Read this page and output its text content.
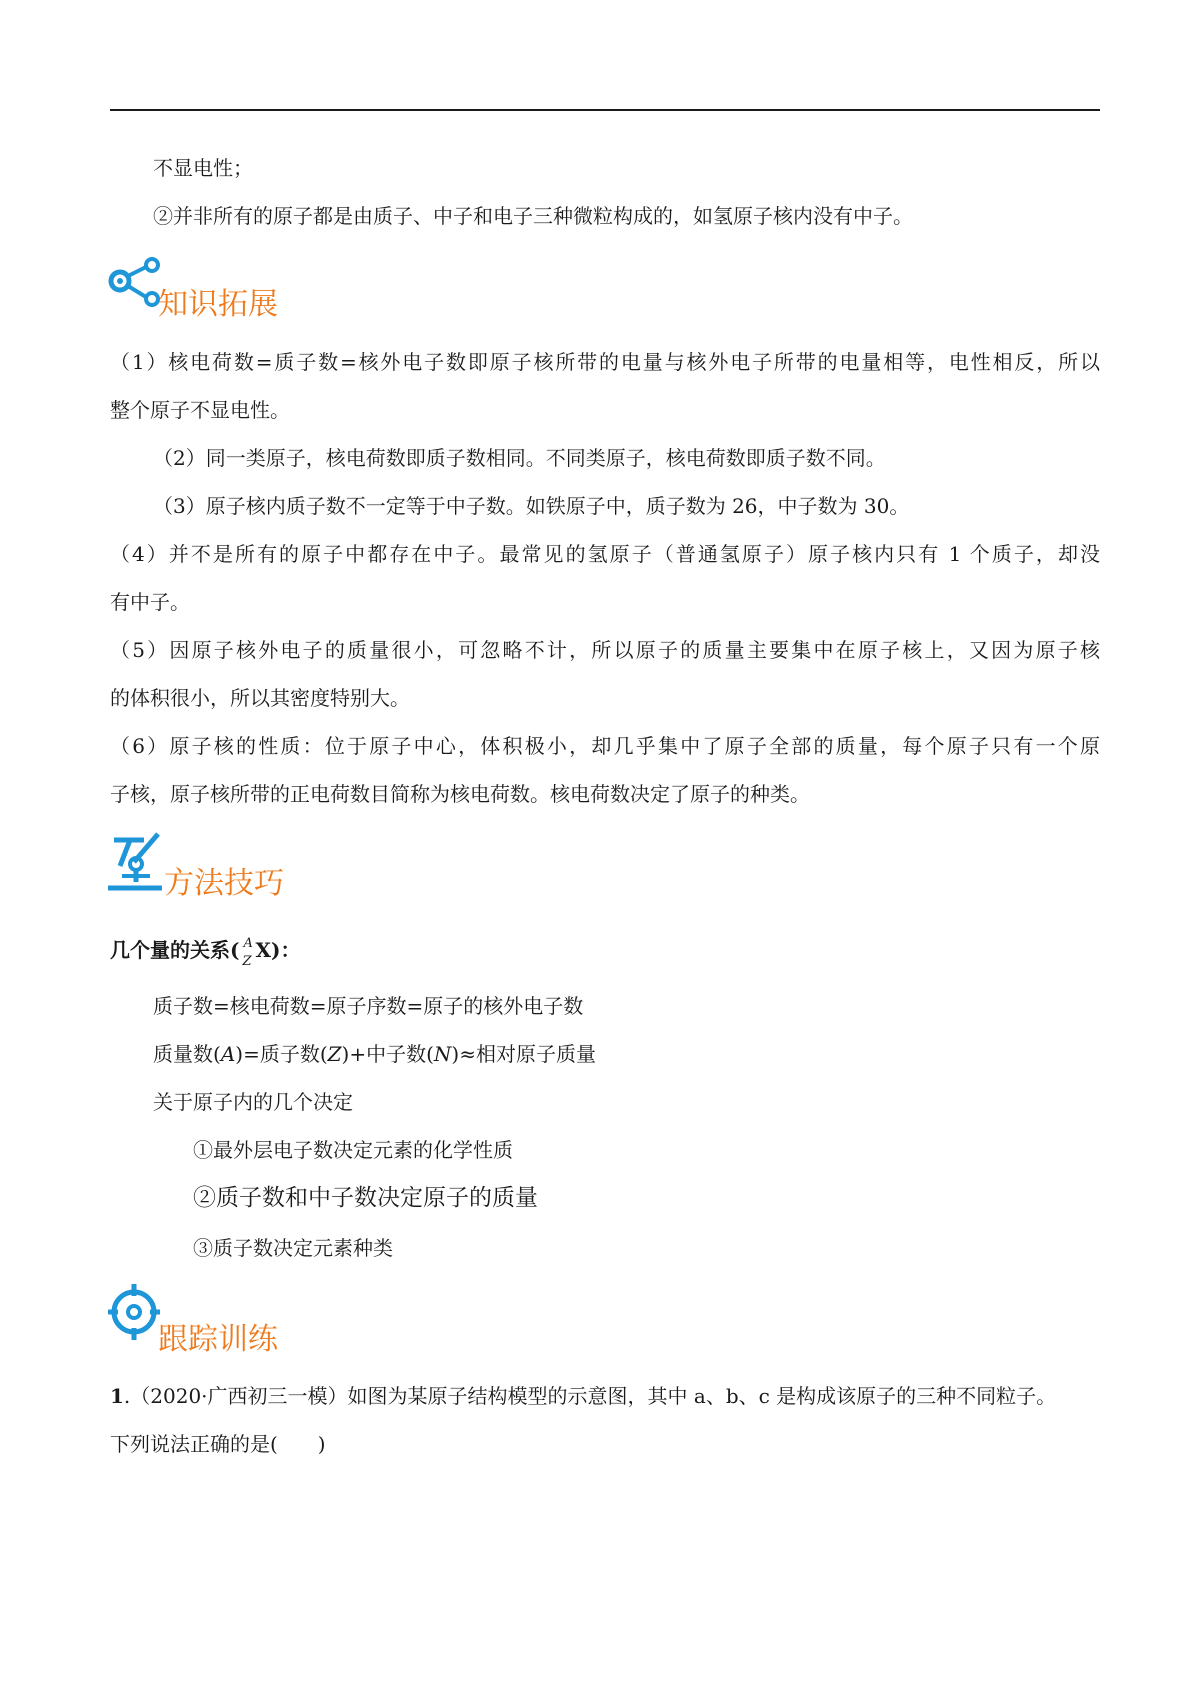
不显电性；
②并非所有的原子都是由质子、中子和电子三种微粒构成的，如氢原子核内没有中子。
知识拓展
（1）核电荷数=质子数=核外电子数即原子核所带的电量与核外电子所带的电量相等，电性相反，所以
整个原子不显电性。
（2）同一类原子，核电荷数即质子数相同。不同类原子，核电荷数即质子数不同。
（3）原子核内质子数不一定等于中子数。如铁原子中，质子数为 26，中子数为 30。
（4）并不是所有的原子中都存在中子。最常见的氢原子（普通氢原子）原子核内只有 1 个质子，却没
有中子。
（5）因原子核外电子的质量很小，可忽略不计，所以原子的质量主要集中在原子核上，又因为原子核
的体积很小，所以其密度特别大。
（6）原子核的性质：位于原子中心，体积极小，却几乎集中了原子全部的质量，每个原子只有一个原
子核，原子核所带的正电荷数目简称为核电荷数。核电荷数决定了原子的种类。
方法技巧
几个量的关系( A
Z X)：
质子数=核电荷数=原子序数=原子的核外电子数
质量数(A)=质子数(Z)+中子数(N)≈相对原子质量
关于原子内的几个决定
①最外层电子数决定元素的化学性质
②质子数和中子数决定原子的质量
③质子数决定元素种类
跟踪训练
1.（2020·广西初三一模）如图为某原子结构模型的示意图，其中 a、b、c 是构成该原子的三种不同粒子。
下列说法正确的是(　　)
